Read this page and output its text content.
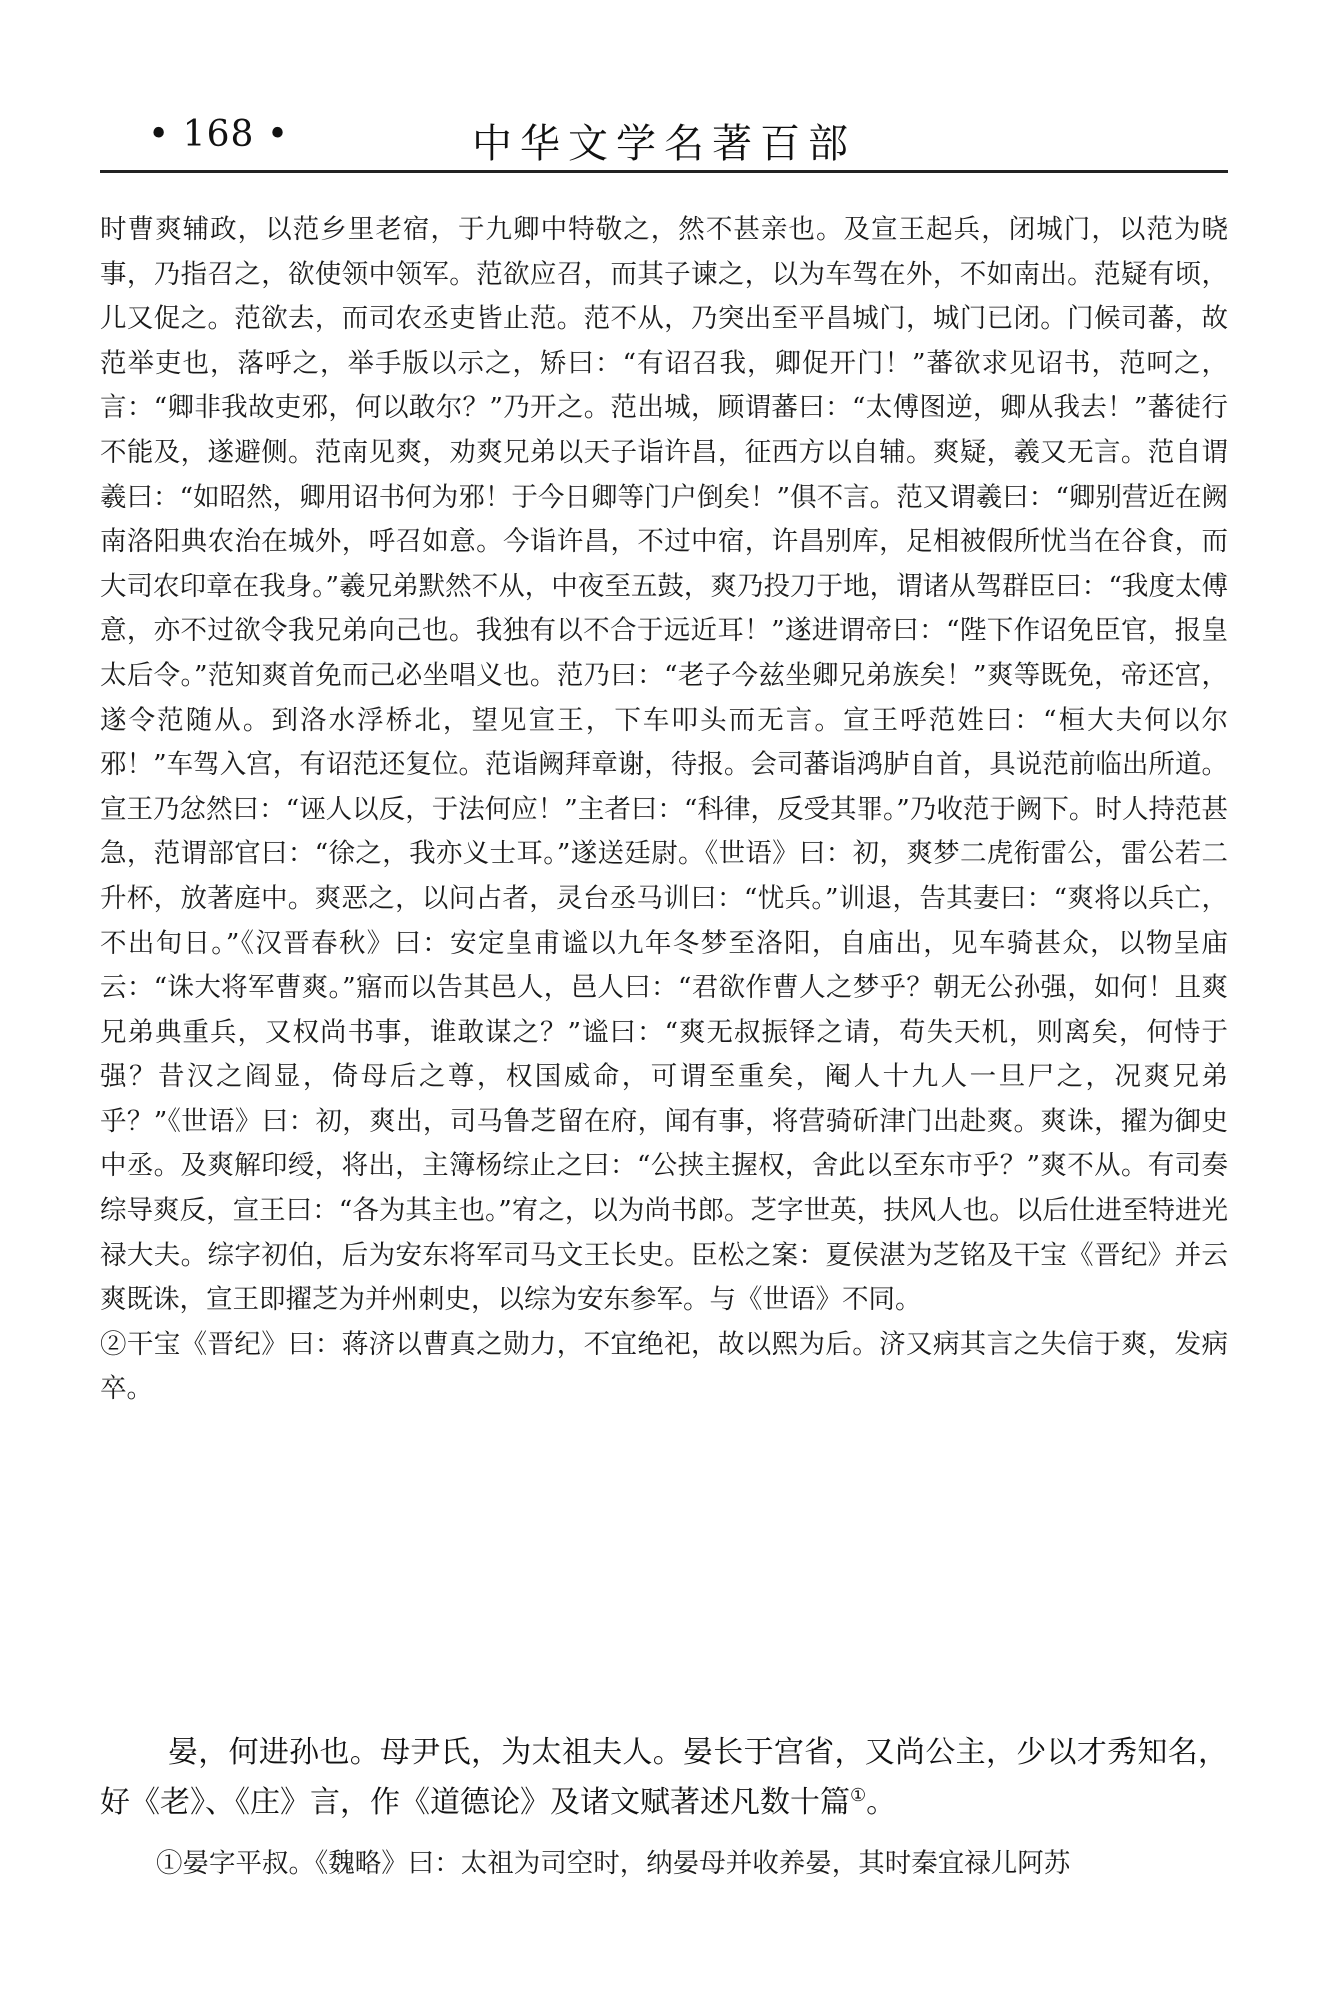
• 168 •	中华文学名著百部

时曹爽辅政，以范乡里老宿，于九卿中特敬之，然不甚亲也。及宣王起兵，闭城门，以范为晓事，乃指召之，欲使领中领军。范欲应召，而其子谏之，以为车驾在外，不如南出。范疑有顷，儿又促之。范欲去，而司农丞吏皆止范。范不从，乃突出至平昌城门，城门已闭。门候司蕃，故范举吏也，落呼之，举手版以示之，矫曰：“有诏召我，卿促开门！”蕃欲求见诏书，范呵之，言：“卿非我故吏邪，何以敢尔？”乃开之。范出城，顾谓蕃曰：“太傅图逆，卿从我去！”蕃徒行不能及，遂避侧。范南见爽，劝爽兄弟以天子诣许昌，征西方以自辅。爽疑，羲又无言。范自谓羲曰：“如昭然，卿用诏书何为邪！于今日卿等门户倒矣！”俱不言。范又谓羲曰：“卿别营近在阙南洛阳典农治在城外，呼召如意。今诣许昌，不过中宿，许昌别库，足相被假所忧当在谷食，而大司农印章在我身。”羲兄弟默然不从，中夜至五鼓，爽乃投刀于地，谓诸从驾群臣曰：“我度太傅意，亦不过欲令我兄弟向己也。我独有以不合于远近耳！”遂进谓帝曰：“陛下作诏免臣官，报皇太后令。”范知爽首免而己必坐唱义也。范乃曰：“老子今兹坐卿兄弟族矣！”爽等既免，帝还宫，遂令范随从。到洛水浮桥北，望见宣王，下车叩头而无言。宣王呼范姓曰：“桓大夫何以尔邪！”车驾入宫，有诏范还复位。范诣阙拜章谢，待报。会司蕃诣鸿胪自首，具说范前临出所道。宣王乃忿然曰：“诬人以反，于法何应！”主者曰：“科律，反受其罪。”乃收范于阙下。时人持范甚急，范谓部官曰：“徐之，我亦义士耳。”遂送廷尉。《世语》曰：初，爽梦二虎衔雷公，雷公若二升杯，放著庭中。爽恶之，以问占者，灵台丞马训曰：“忧兵。”训退，告其妻曰：“爽将以兵亡，不出旬日。”《汉晋春秋》曰：安定皇甫谧以九年冬梦至洛阳，自庙出，见车骑甚众，以物呈庙云：“诛大将军曹爽。”寤而以告其邑人，邑人曰：“君欲作曹人之梦乎？朝无公孙强，如何！且爽兄弟典重兵，又权尚书事，谁敢谋之？”谧曰：“爽无叔振铎之请，苟失天机，则离矣，何恃于强？昔汉之阎显，倚母后之尊，权国威命，可谓至重矣，阉人十九人一旦尸之，况爽兄弟乎？”《世语》曰：初，爽出，司马鲁芝留在府，闻有事，将营骑斫津门出赴爽。爽诛，擢为御史中丞。及爽解印绶，将出，主簿杨综止之曰：“公挟主握权，舍此以至东市乎？”爽不从。有司奏综导爽反，宣王曰：“各为其主也。”宥之，以为尚书郎。芝字世英，扶风人也。以后仕进至特进光禄大夫。综字初伯，后为安东将军司马文王长史。臣松之案：夏侯湛为芝铭及干宝《晋纪》并云爽既诛，宣王即擢芝为并州刺史，以综为安东参军。与《世语》不同。

②干宝《晋纪》曰：蒋济以曹真之勋力，不宜绝祀，故以熙为后。济又病其言之失信于爽，发病卒。

晏，何进孙也。母尹氏，为太祖夫人。晏长于宫省，又尚公主，少以才秀知名，好《老》、《庄》言，作《道德论》及诸文赋著述凡数十篇①。

①晏字平叔。《魏略》曰：太祖为司空时，纳晏母并收养晏，其时秦宜禄儿阿苏
